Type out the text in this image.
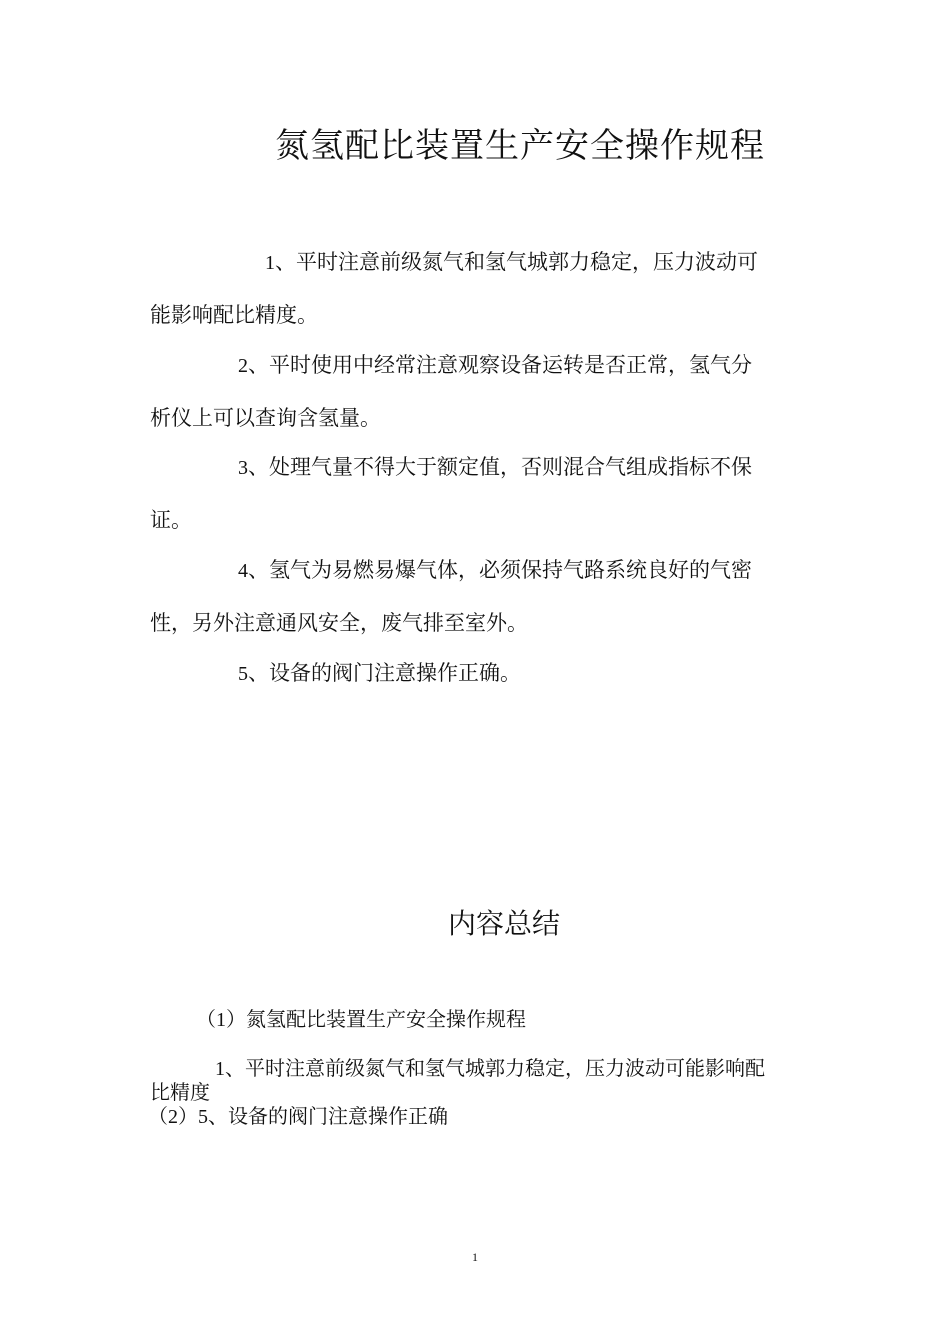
氮氢配比装置生产安全操作规程
1、平时注意前级氮气和氢气城郭力稳定，压力波动可
能影响配比精度。
2、平时使用中经常注意观察设备运转是否正常，氢气分
析仪上可以查询含氢量。
3、处理气量不得大于额定值，否则混合气组成指标不保
证。
4、氢气为易燃易爆气体，必须保持气路系统良好的气密
性，另外注意通风安全，废气排至室外。
5、设备的阀门注意操作正确。
内容总结
（1）氮氢配比装置生产安全操作规程
1、平时注意前级氮气和氢气城郭力稳定，压力波动可能影响配
比精度
（2）5、设备的阀门注意操作正确
1
